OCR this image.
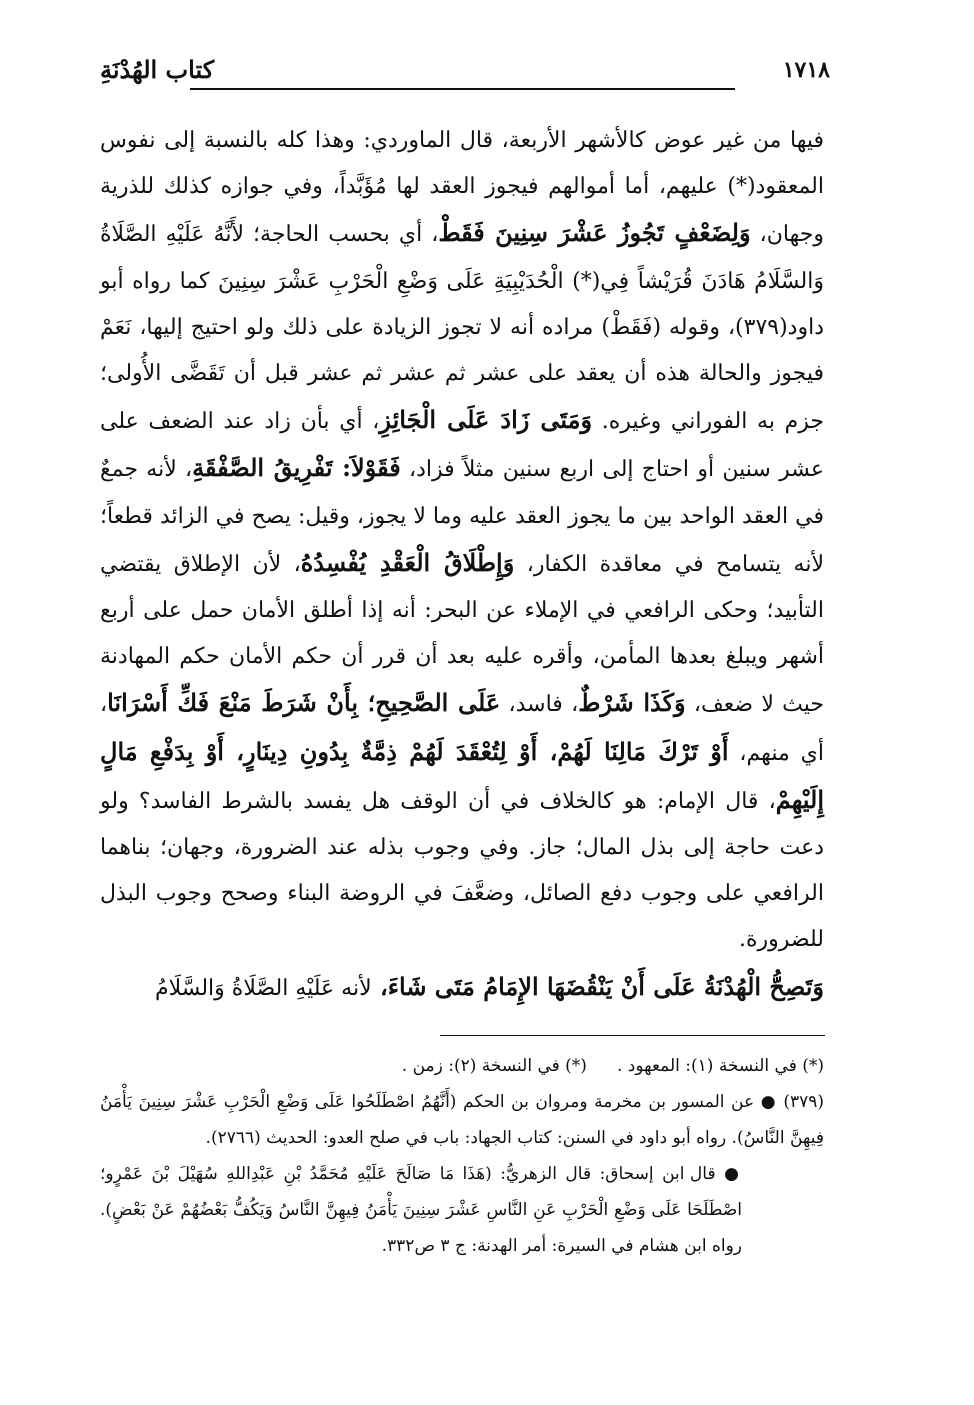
١٧١٨
كتاب الهُدْنَةِ

فيها من غير عوض كالأشهر الأربعة، قال الماوردي: وهذا كله بالنسبة إلى نفوس المعقود(*) عليهم، أما أموالهم فيجوز العقد لها مُؤَبَّداً، وفي جوازه كذلك للذرية وجهان، وَلِضَعْفٍ تَجُوزُ عَشْرَ سِنِينَ فَقَطْ، أي بحسب الحاجة؛ لأَنَّهُ عَلَيْهِ الصَّلَاةُ وَالسَّلَامُ هَادَنَ قُرَيْشاً فِي(*) الْحُدَيْبِيَةِ عَلَى وَضْعِ الْحَرْبِ عَشْرَ سِنِينَ كما رواه أبو داود(٣٧٩)، وقوله (فَقَطْ) مراده أنه لا تجوز الزيادة على ذلك ولو احتيج إليها، نَعَمْ فيجوز والحالة هذه أن يعقد على عشر ثم عشر ثم عشر قبل أن تَقَضَّى الأُولى؛ جزم به الفوراني وغيره. وَمَتَى زَادَ عَلَى الْجَائِزِ، أي بأن زاد عند الضعف على عشر سنين أو احتاج إلى اربع سنين مثلاً فزاد، فَقَوْلاَ: تَفْرِيقُ الصَّفْقَةِ، لأنه جمعٌ في العقد الواحد بين ما يجوز العقد عليه وما لا يجوز، وقيل: يصح في الزائد قطعاً؛ لأنه يتسامح في معاقدة الكفار، وَإِطْلَاقُ الْعَقْدِ يُفْسِدُهُ، لأن الإطلاق يقتضي التأبيد؛ وحكى الرافعي في الإملاء عن البحر: أنه إذا أطلق الأمان حمل على أربع أشهر ويبلغ بعدها المأمن، وأقره عليه بعد أن قرر أن حكم الأمان حكم المهادنة حيث لا ضعف، وَكَذَا شَرْطٌ، فاسد، عَلَى الصَّحِيحِ؛ بِأَنْ شَرَطَ مَنْعَ فَكِّ أَسْرَانَا، أي منهم، أَوْ تَرْكَ مَالِنَا لَهُمْ، أَوْ لِتُعْقَدَ لَهُمْ ذِمَّةٌ بِدُونِ دِينَارٍ، أَوْ بِدَفْعِ مَالٍ إِلَيْهِمْ، قال الإمام: هو كالخلاف في أن الوقف هل يفسد بالشرط الفاسد؟ ولو دعت حاجة إلى بذل المال؛ جاز. وفي وجوب بذله عند الضرورة، وجهان؛ بناهما الرافعي على وجوب دفع الصائل، وضعَّفَ في الروضة البناء وصحح وجوب البذل للضرورة.

وَتَصِحُّ الْهُدْنَةُ عَلَى أَنْ يَنْقُضَهَا الإِمَامُ مَتَى شَاءَ، لأنه عَلَيْهِ الصَّلَاةُ وَالسَّلَامُ

(*) في النسخة (١): المعهود .
(*) في النسخة (٢): زمن .

(٣٧٩) ● عن المسور بن مخرمة ومروان بن الحكم (أَنَّهُمُ اصْطَلَحُوا عَلَى وَضْعِ الْحَرْبِ عَشْرَ سِنِينَ يَأْمَنُ فِيهِنَّ النَّاسُ). رواه أبو داود في السنن: كتاب الجهاد: باب في صلح العدو: الحديث (٢٧٦٦).

● قال ابن إسحاق: قال الزهريُّ: (هَذَا مَا صَالَحَ عَلَيْهِ مُحَمَّدُ بْنِ عَبْدِاللهِ سُهَيْلَ بْنَ عَمْرٍو؛ اصْطَلَحَا عَلَى وَضْعِ الْحَرْبِ عَنِ النَّاسِ عَشْرَ سِنِينَ يَأْمَنُ فِيهِنَّ النَّاسُ وَيَكُفُّ بَعْضُهُمْ عَنْ بَعْضٍ). رواه ابن هشام في السيرة: أمر الهدنة: ج ٣ ص٣٣٢.
